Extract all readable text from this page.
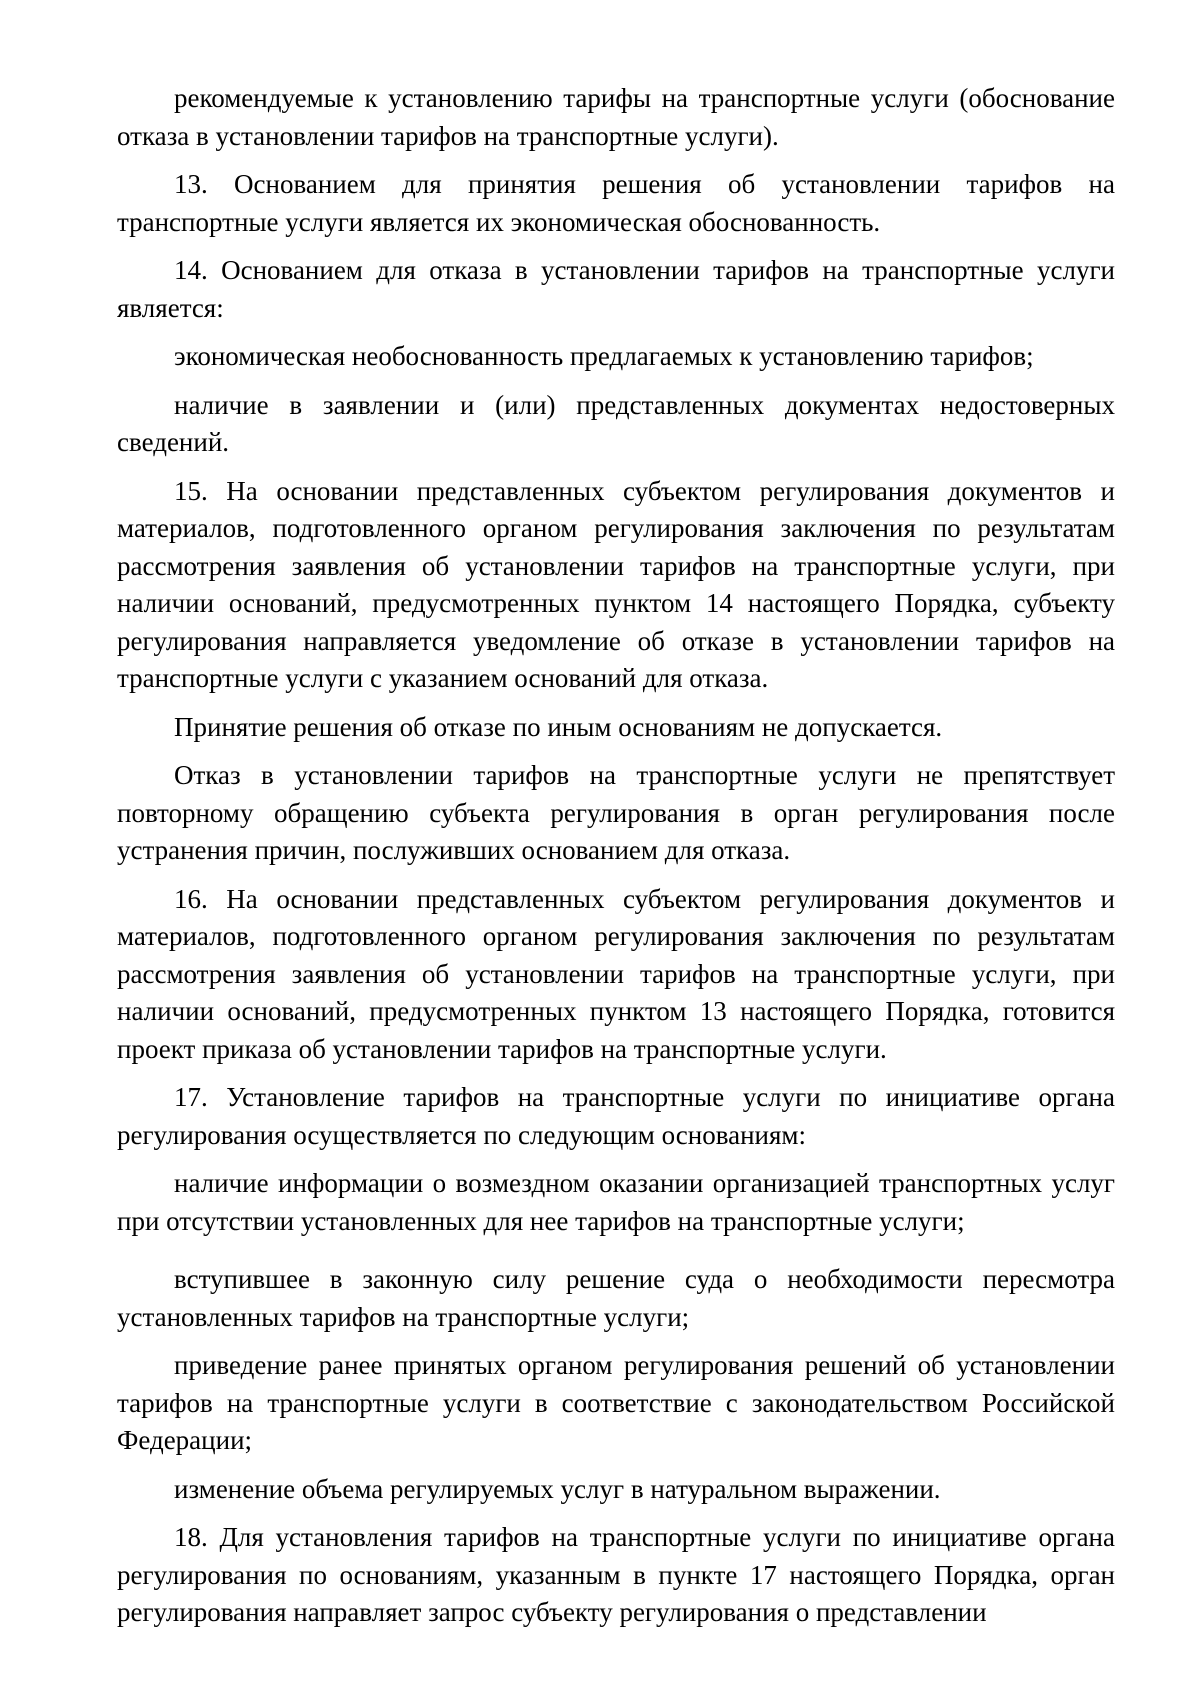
рекомендуемые к установлению тарифы на транспортные услуги (обоснование отказа в установлении тарифов на транспортные услуги).

13. Основанием для принятия решения об установлении тарифов на транспортные услуги является их экономическая обоснованность.

14. Основанием для отказа в установлении тарифов на транспортные услуги является:

экономическая необоснованность предлагаемых к установлению тарифов;

наличие в заявлении и (или) представленных документах недостоверных сведений.

15. На основании представленных субъектом регулирования документов и материалов, подготовленного органом регулирования заключения по результатам рассмотрения заявления об установлении тарифов на транспортные услуги, при наличии оснований, предусмотренных пунктом 14 настоящего Порядка, субъекту регулирования направляется уведомление об отказе в установлении тарифов на транспортные услуги с указанием оснований для отказа.

Принятие решения об отказе по иным основаниям не допускается.

Отказ в установлении тарифов на транспортные услуги не препятствует повторному обращению субъекта регулирования в орган регулирования после устранения причин, послуживших основанием для отказа.

16. На основании представленных субъектом регулирования документов и материалов, подготовленного органом регулирования заключения по результатам рассмотрения заявления об установлении тарифов на транспортные услуги, при наличии оснований, предусмотренных пунктом 13 настоящего Порядка, готовится проект приказа об установлении тарифов на транспортные услуги.

17. Установление тарифов на транспортные услуги по инициативе органа регулирования осуществляется по следующим основаниям:

наличие информации о возмездном оказании организацией транспортных услуг при отсутствии установленных для нее тарифов на транспортные услуги;

вступившее в законную силу решение суда о необходимости пересмотра установленных тарифов на транспортные услуги;

приведение ранее принятых органом регулирования решений об установлении тарифов на транспортные услуги в соответствие с законодательством Российской Федерации;

изменение объема регулируемых услуг в натуральном выражении.

18. Для установления тарифов на транспортные услуги по инициативе органа регулирования по основаниям, указанным в пункте 17 настоящего Порядка, орган регулирования направляет запрос субъекту регулирования о представлении
